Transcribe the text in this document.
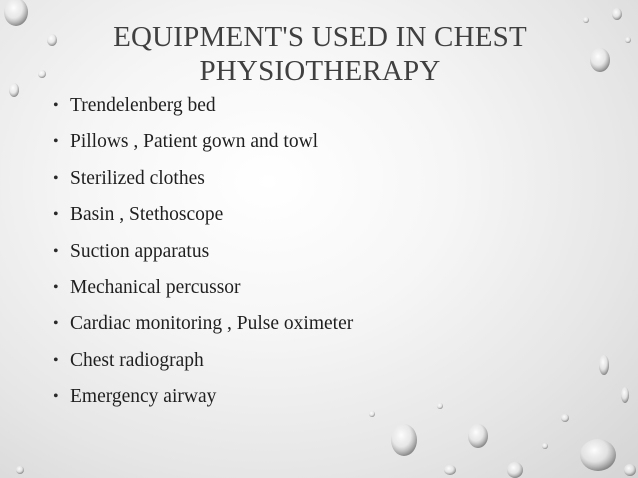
EQUIPMENT'S USED IN CHEST
PHYSIOTHERAPY
• Trendelenberg bed
• Pillows , Patient gown and towl
• Sterilized clothes
• Basin , Stethoscope
• Suction apparatus
• Mechanical percussor
• Cardiac monitoring , Pulse oximeter
• Chest radiograph
• Emergency airway
